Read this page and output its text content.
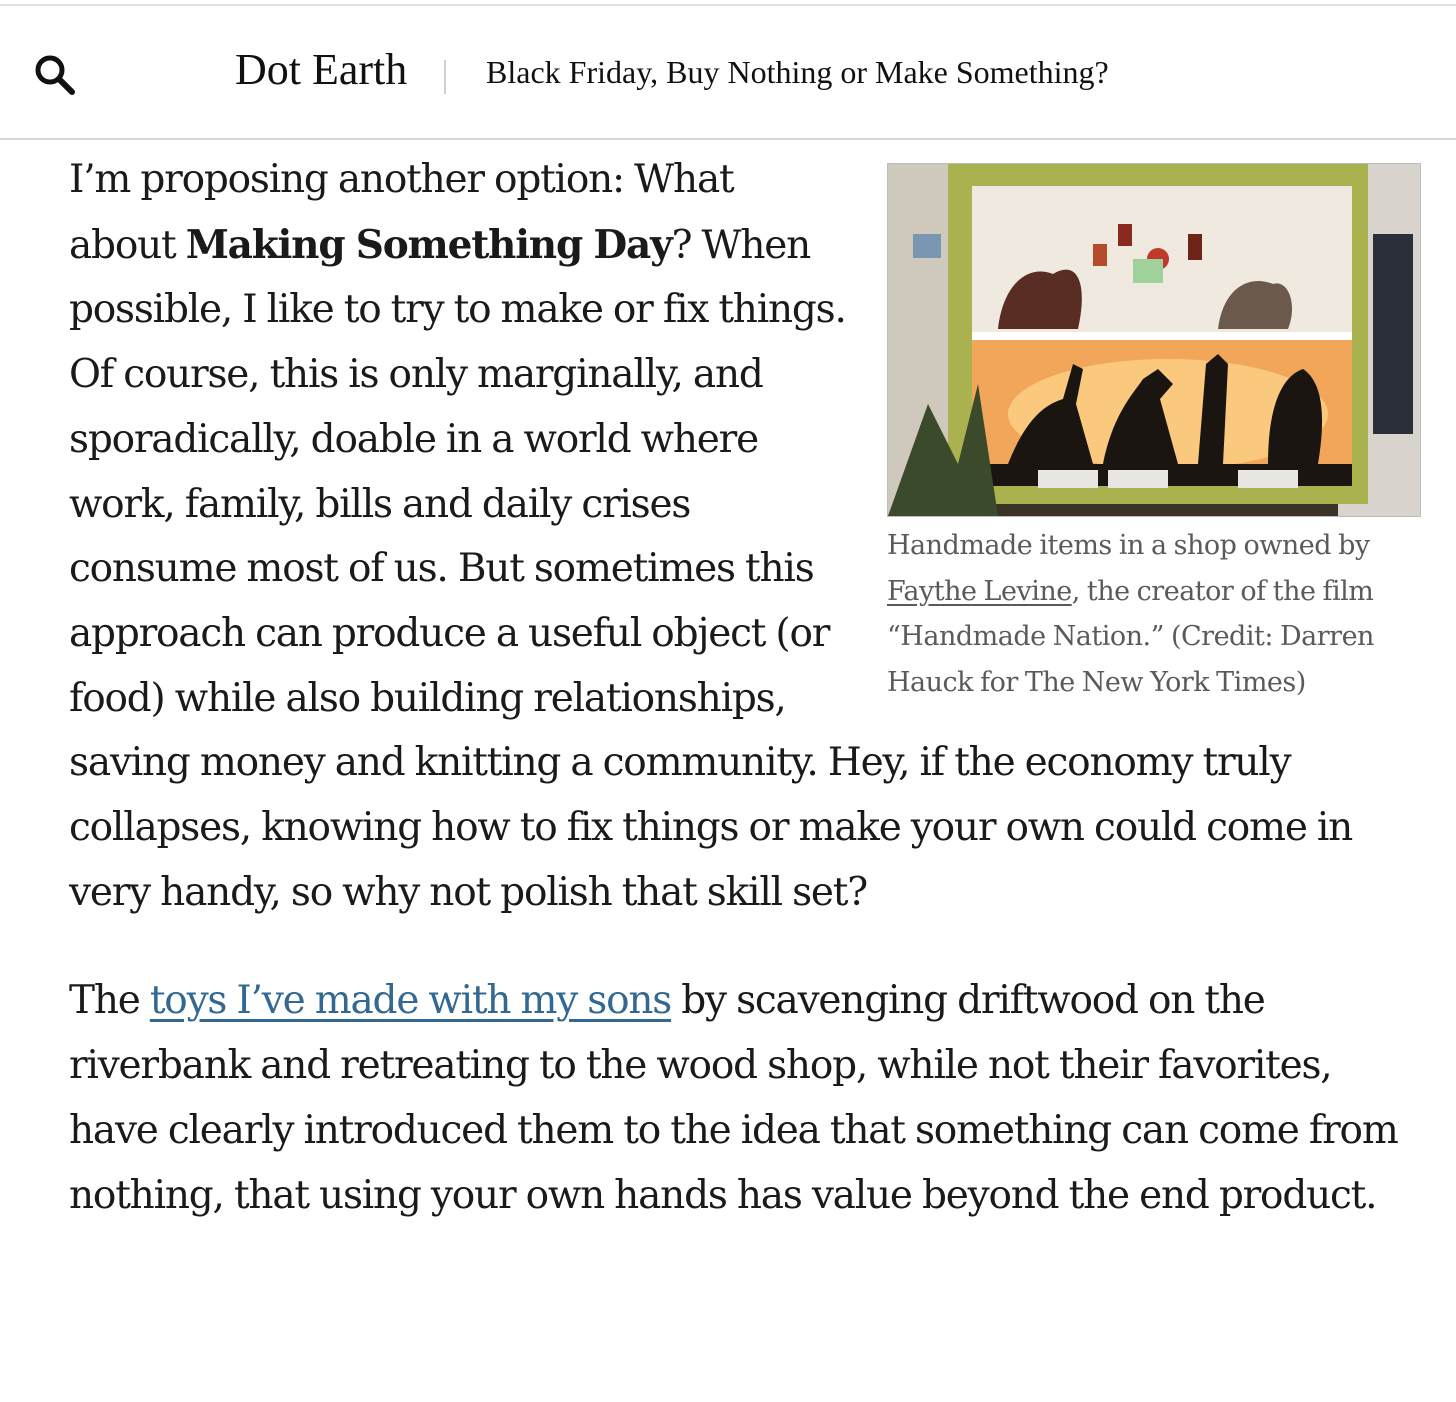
Dot Earth Black Friday, Buy Nothing or Make Something?
Handmade items in a shop owned by Faythe Levine, the creator of the film “Handmade Nation.” (Credit: Darren Hauck for The New York Times)

I’m proposing another option: What about Making Something Day? When possible, I like to try to make or fix things. Of course, this is only marginally, and sporadically, doable in a world where work, family, bills and daily crises consume most of us. But sometimes this approach can produce a useful object (or food) while also building relationships, saving money and knitting a community. Hey, if the economy truly collapses, knowing how to fix things or make your own could come in very handy, so why not polish that skill set?

The toys I’ve made with my sons by scavenging driftwood on the riverbank and retreating to the wood shop, while not their favorites, have clearly introduced them to the idea that something can come from nothing, that using your own hands has value beyond the end product.
